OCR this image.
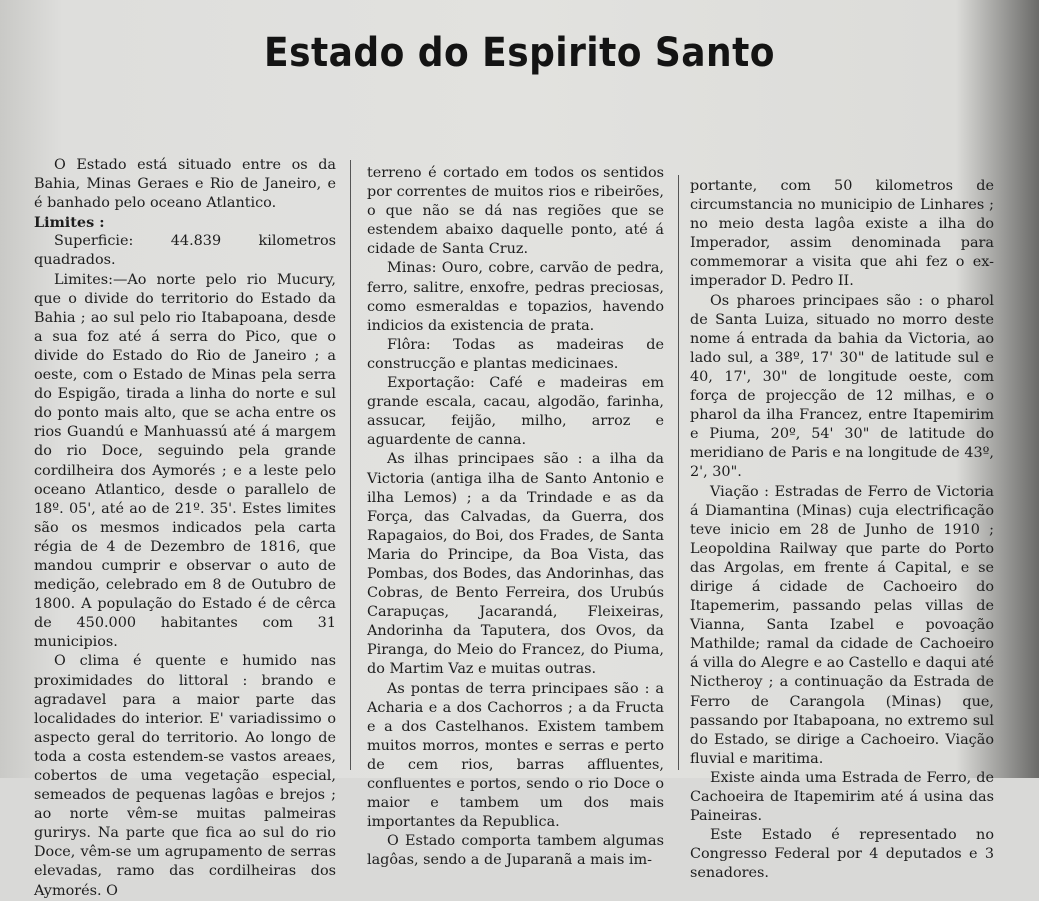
Estado do Espirito Santo

O Estado está situado entre os da Bahia, Minas Geraes e Rio de Janeiro, e é banhado pelo oceano Atlantico.

Limites :

Superficie: 44.839 kilometros quadrados.

Limites:—Ao norte pelo rio Mucury, que o divide do territorio do Estado da Bahia ; ao sul pelo rio Itabapoana, desde a sua foz até á serra do Pico, que o divide do Estado do Rio de Janeiro ; a oeste, com o Estado de Minas pela serra do Espigão, tirada a linha do norte e sul do ponto mais alto, que se acha entre os rios Guandú e Manhuassú até á margem do rio Doce, seguindo pela grande cordilheira dos Aymorés ; e a leste pelo oceano Atlantico, desde o parallelo de 18º. 05', até ao de 21º. 35'. Estes limites são os mesmos indicados pela carta régia de 4 de Dezembro de 1816, que mandou cumprir e observar o auto de medição, celebrado em 8 de Outubro de 1800. A população do Estado é de cêrca de 450.000 habitantes com 31 municipios.

O clima é quente e humido nas proximidades do littoral : brando e agradavel para a maior parte das localidades do interior. E' variadissimo o aspecto geral do territorio. Ao longo de toda a costa estendem-se vastos areaes, cobertos de uma vegetação especial, semeados de pequenas lagôas e brejos ; ao norte vêm-se muitas palmeiras gurirys. Na parte que fica ao sul do rio Doce, vêm-se um agrupamento de serras elevadas, ramo das cordilheiras dos Aymorés. O

terreno é cortado em todos os sentidos por correntes de muitos rios e ribeirões, o que não se dá nas regiões que se estendem abaixo daquelle ponto, até á cidade de Santa Cruz.

Minas: Ouro, cobre, carvão de pedra, ferro, salitre, enxofre, pedras preciosas, como esmeraldas e topazios, havendo indicios da existencia de prata.

Flôra: Todas as madeiras de construcção e plantas medicinaes.

Exportação: Café e madeiras em grande escala, cacau, algodão, farinha, assucar, feijão, milho, arroz e aguardente de canna.

As ilhas principaes são : a ilha da Victoria (antiga ilha de Santo Antonio e ilha Lemos) ; a da Trindade e as da Força, das Calvadas, da Guerra, dos Rapagaios, do Boi, dos Frades, de Santa Maria do Principe, da Boa Vista, das Pombas, dos Bodes, das Andorinhas, das Cobras, de Bento Ferreira, dos Urubús Carapuças, Jacarandá, Fleixeiras, Andorinha da Taputera, dos Ovos, da Piranga, do Meio do Francez, do Piuma, do Martim Vaz e muitas outras.

As pontas de terra principaes são : a Acharia e a dos Cachorros ; a da Fructa e a dos Castelhanos. Existem tambem muitos morros, montes e serras e perto de cem rios, barras affluentes, confluentes e portos, sendo o rio Doce o maior e tambem um dos mais importantes da Republica.

O Estado comporta tambem algumas lagôas, sendo a de Juparanã a mais im-

portante, com 50 kilometros de circumstancia no municipio de Linhares ; no meio desta lagôa existe a ilha do Imperador, assim denominada para commemorar a visita que ahi fez o ex-imperador D. Pedro II.

Os pharoes principaes são : o pharol de Santa Luiza, situado no morro deste nome á entrada da bahia da Victoria, ao lado sul, a 38º, 17' 30" de latitude sul e 40, 17', 30" de longitude oeste, com força de projecção de 12 milhas, e o pharol da ilha Francez, entre Itapemirim e Piuma, 20º, 54' 30" de latitude do meridiano de Paris e na longitude de 43º, 2', 30".

Viação : Estradas de Ferro de Victoria á Diamantina (Minas) cuja electrificação teve inicio em 28 de Junho de 1910 ; Leopoldina Railway que parte do Porto das Argolas, em frente á Capital, e se dirige á cidade de Cachoeiro do Itapemerim, passando pelas villas de Vianna, Santa Izabel e povoação Mathilde; ramal da cidade de Cachoeiro á villa do Alegre e ao Castello e daqui até Nictheroy ; a continuação da Estrada de Ferro de Carangola (Minas) que, passando por Itabapoana, no extremo sul do Estado, se dirige a Cachoeiro. Viação fluvial e maritima.

Existe ainda uma Estrada de Ferro, de Cachoeira de Itapemirim até á usina das Paineiras.

Este Estado é representado no Congresso Federal por 4 deputados e 3 senadores.
